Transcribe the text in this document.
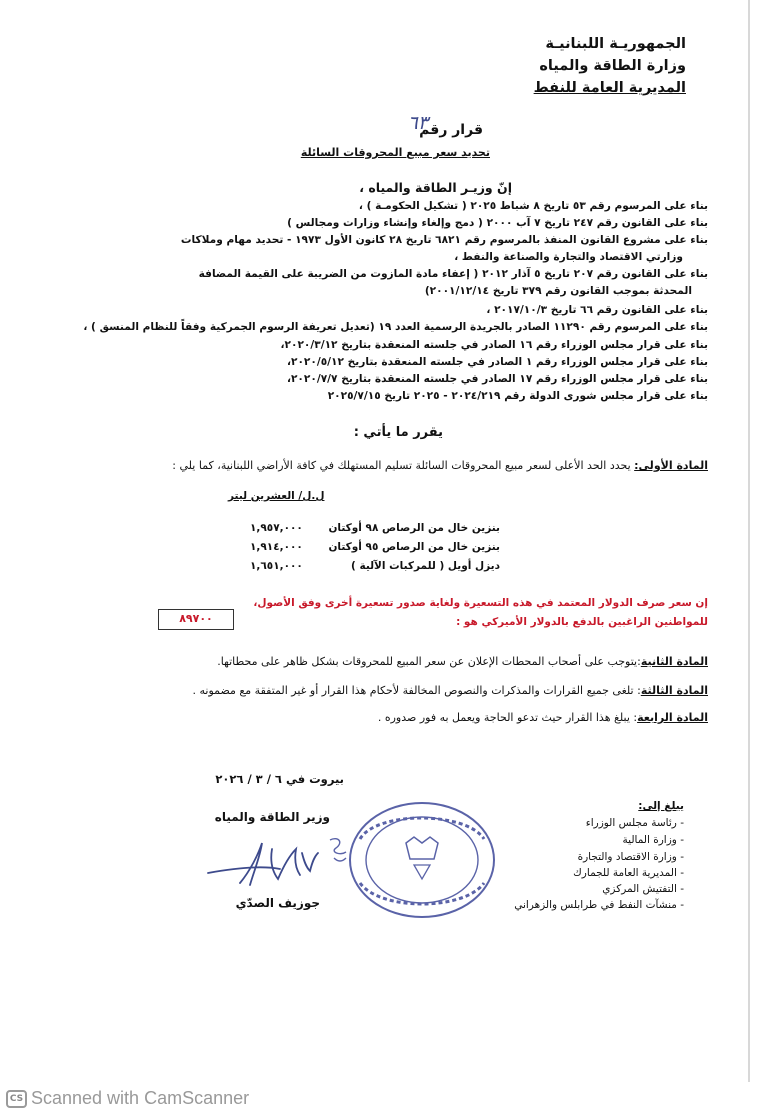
الجمهوريـة اللبنانيـة
وزارة الطاقة والمياه
المديرية العامة للنفط
قرار رقم
٦٣
تحديد سعر مبيع المحروقات السائلة
إنّ وزيـر الطاقة والمياه ،
بناء على المرسوم رقم ٥٣ تاريخ ٨ شباط ٢٠٢٥ ( تشكيل الحكومـة ) ،
بناء على القانون رقم ٢٤٧ تاريخ ٧ آب ٢٠٠٠ ( دمج وإلغاء وإنشاء وزارات ومجالس )
بناء على مشروع القانون المنفذ بالمرسوم رقم ٦٨٢١ تاريخ ٢٨ كانون الأول ١٩٧٣ - تحديد مهام وملاكات
وزارتي الاقتصاد والتجارة والصناعة والنفط ،
بناء على القانون رقم ٢٠٧ تاريخ ٥ آذار ٢٠١٢ ( إعفاء مادة المازوت من الضريبة على القيمة المضافة
المحدثة بموجب القانون رقم ٣٧٩ تاريخ ٢٠٠١/١٢/١٤)
بناء على القانون رقم ٦٦ تاريخ ٢٠١٧/١٠/٣ ،
بناء على المرسوم رقم ١١٢٩٠ الصادر بالجريدة الرسمية العدد ١٩ (تعديل تعريفة الرسوم الجمركية وفقاً للنظام المنسق ) ،
بناء على قرار مجلس الوزراء رقم ١٦ الصادر في جلسته المنعقدة بتاريخ ٢٠٢٠/٣/١٢،
بناء على قرار مجلس الوزراء رقم ١ الصادر في جلسته المنعقدة بتاريخ ٢٠٢٠/٥/١٢،
بناء على قرار مجلس الوزراء رقم ١٧ الصادر في جلسته المنعقدة بتاريخ ٢٠٢٠/٧/٧،
بناء على قرار مجلس شورى الدولة رقم ٢٠٢٤/٢١٩ - ٢٠٢٥ تاريخ ٢٠٢٥/٧/١٥
يقرر ما يأتي :
المادة الأولى: يحدد الحد الأعلى لسعر مبيع المحروقات السائلة تسليم المستهلك في كافة الأراضي اللبنانية، كما يلي :
ل.ل/ العشرين ليتر
بنزين خال من الرصاص ٩٨ أوكتان
١,٩٥٧,٠٠٠
بنزين خال من الرصاص ٩٥ أوكتان
١,٩١٤,٠٠٠
ديزل أويل ( للمركبات الآلية )
١,٦٥١,٠٠٠
إن سعر صرف الدولار المعتمد في هذه التسعيرة ولغاية صدور تسعيرة أخرى وفق الأصول،
للمواطنين الراغبين بالدفع بالدولار الأميركي هو :
٨٩٧٠٠
المادة الثانية:يتوجب على أصحاب المحطات الإعلان عن سعر المبيع للمحروقات بشكل ظاهر على محطاتها.
المادة الثالثة: تلغى جميع القرارات والمذكرات والنصوص المخالفة لأحكام هذا القرار أو غير المتفقة مع مضمونه .
المادة الرابعة: يبلغ هذا القرار حيث تدعو الحاجة ويعمل به فور صدوره .
بيروت في ٦ / ٣ / ٢٠٢٦
وزير الطاقة والمياه
جوزيف الصدّي
يبلغ إلى:
- رئاسة مجلس الوزراء
- وزارة المالية
- وزارة الاقتصاد والتجارة
- المديرية العامة للجمارك
- التفتيش المركزي
- منشآت النفط في طرابلس والزهراني
CS Scanned with CamScanner
